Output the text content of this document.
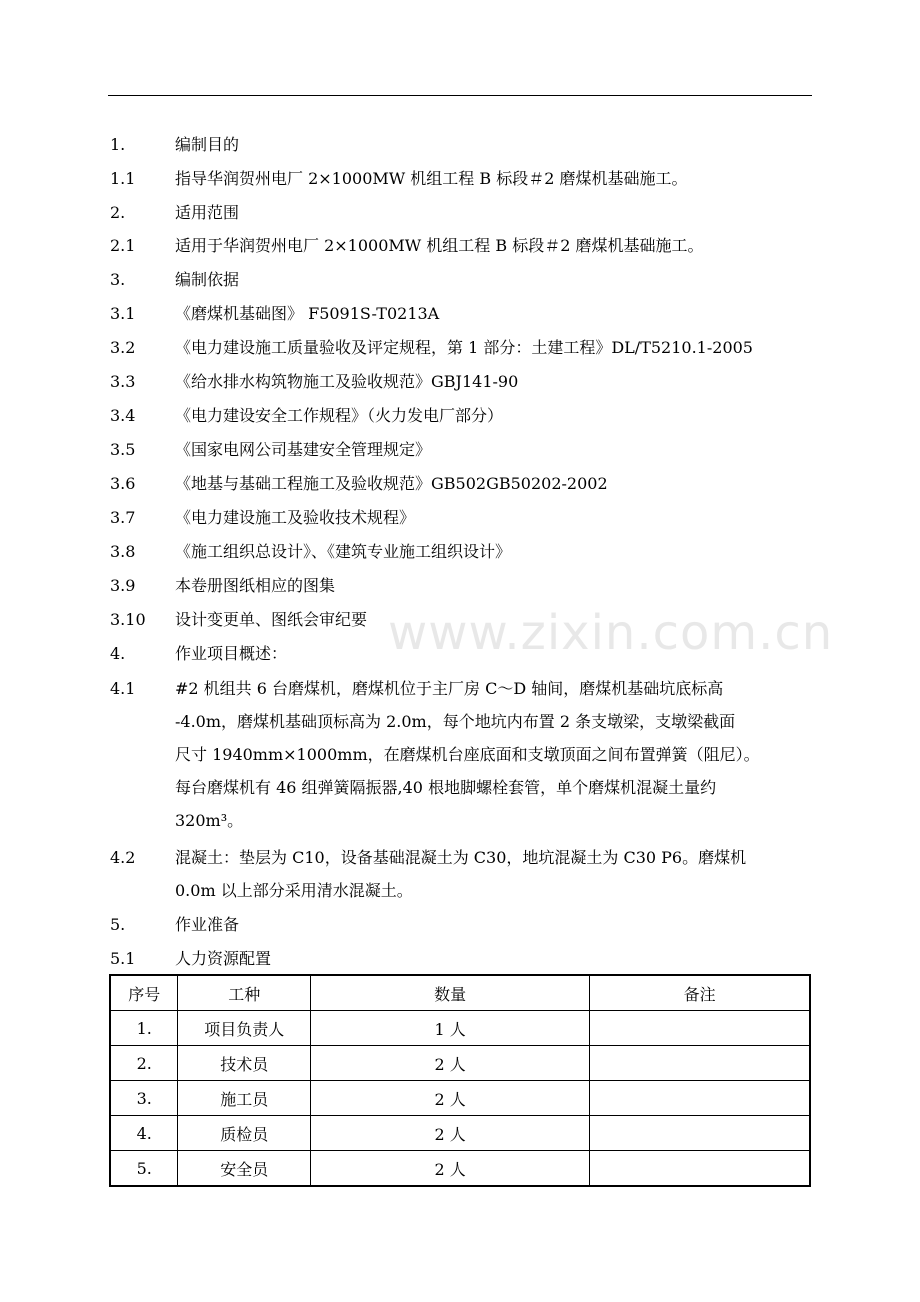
1.	编制目的
1.1	指导华润贺州电厂 2×1000MW 机组工程 B 标段＃2 磨煤机基础施工。
2.	适用范围
2.1	适用于华润贺州电厂 2×1000MW 机组工程 B 标段＃2 磨煤机基础施工。
3.	编制依据
3.1	《磨煤机基础图》 F5091S-T0213A
3.2	《电力建设施工质量验收及评定规程，第 1 部分：土建工程》DL/T5210.1-2005
3.3	《给水排水构筑物施工及验收规范》GBJ141-90
3.4	《电力建设安全工作规程》（火力发电厂部分）
3.5	《国家电网公司基建安全管理规定》
3.6	《地基与基础工程施工及验收规范》GB502GB50202-2002
3.7	《电力建设施工及验收技术规程》
3.8	《施工组织总设计》、《建筑专业施工组织设计》
3.9	本卷册图纸相应的图集
3.10	设计变更单、图纸会审纪要
4.	作业项目概述： www.zixin.com.cn
4.1	#2 机组共 6 台磨煤机，磨煤机位于主厂房 C～D 轴间，磨煤机基础坑底标高
-4.0m，磨煤机基础顶标高为 2.0m，每个地坑内布置 2 条支墩梁，支墩梁截面
尺寸 1940mm×1000mm，在磨煤机台座底面和支墩顶面之间布置弹簧（阻尼）。
每台磨煤机有 46 组弹簧隔振器,40 根地脚螺栓套管，单个磨煤机混凝土量约
320m³。
4.2	混凝土：垫层为 C10，设备基础混凝土为 C30，地坑混凝土为 C30 P6。磨煤机
0.0m 以上部分采用清水混凝土。
5.	作业准备
5.1	人力资源配置
序号	工种	数量	备注
1.	项目负责人	1 人	
2.	技术员	2 人	
3.	施工员	2 人	
4.	质检员	2 人	
5.	安全员	2 人	
